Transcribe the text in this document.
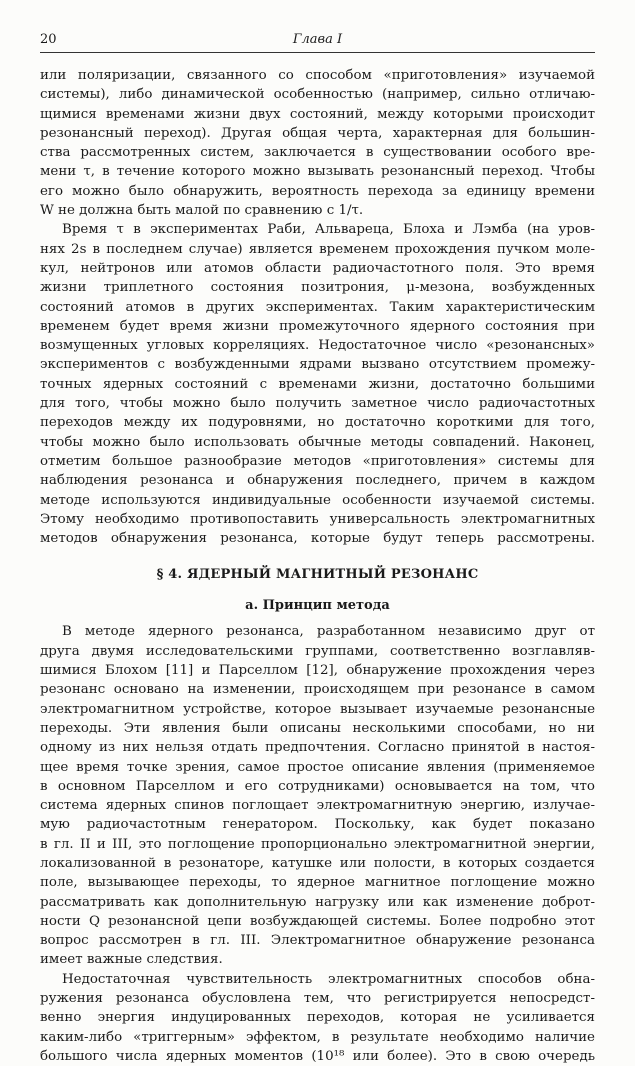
20	Глава I
или поляризации, связанного со способом «приготовления» изучаемой
системы), либо динамической особенностью (например, сильно отличаю-
щимися временами жизни двух состояний, между которыми происходит
резонансный переход). Другая общая черта, характерная для большин-
ства рассмотренных систем, заключается в существовании особого вре-
мени τ, в течение которого можно вызывать резонансный переход. Чтобы
его можно было обнаружить, вероятность перехода за единицу времени
W не должна быть малой по сравнению с 1/τ.
Время τ в экспериментах Раби, Альвареца, Блоха и Лэмба (на уров-
нях 2s в последнем случае) является временем прохождения пучком моле-
кул, нейтронов или атомов области радиочастотного поля. Это время
жизни триплетного состояния позитрония, μ-мезона, возбужденных
состояний атомов в других экспериментах. Таким характеристическим
временем будет время жизни промежуточного ядерного состояния при
возмущенных угловых корреляциях. Недостаточное число «резонансных»
экспериментов с возбужденными ядрами вызвано отсутствием промежу-
точных ядерных состояний с временами жизни, достаточно большими
для того, чтобы можно было получить заметное число радиочастотных
переходов между их подуровнями, но достаточно короткими для того,
чтобы можно было использовать обычные методы совпадений. Наконец,
отметим большое разнообразие методов «приготовления» системы для
наблюдения резонанса и обнаружения последнего, причем в каждом
методе используются индивидуальные особенности изучаемой системы.
Этому необходимо противопоставить универсальность электромагнитных
методов обнаружения резонанса, которые будут теперь рассмотрены.
§ 4. ЯДЕРНЫЙ МАГНИТНЫЙ РЕЗОНАНС
а. Принцип метода
В методе ядерного резонанса, разработанном независимо друг от
друга двумя исследовательскими группами, соответственно возглавляв-
шимися Блохом [11] и Парселлом [12], обнаружение прохождения через
резонанс основано на изменении, происходящем при резонансе в самом
электромагнитном устройстве, которое вызывает изучаемые резонансные
переходы. Эти явления были описаны несколькими способами, но ни
одному из них нельзя отдать предпочтения. Согласно принятой в настоя-
щее время точке зрения, самое простое описание явления (применяемое
в основном Парселлом и его сотрудниками) основывается на том, что
система ядерных спинов поглощает электромагнитную энергию, излучае-
мую радиочастотным генератором. Поскольку, как будет показано
в гл. II и III, это поглощение пропорционально электромагнитной энергии,
локализованной в резонаторе, катушке или полости, в которых создается
поле, вызывающее переходы, то ядерное магнитное поглощение можно
рассматривать как дополнительную нагрузку или как изменение добрoт-
ности Q резонансной цепи возбуждающей системы. Более подробно этот
вопрос рассмотрен в гл. III. Электромагнитное обнаружение резонанса
имеет важные следствия.
Недостаточная чувствительность электромагнитных способов обна-
ружения резонанса обусловлена тем, что регистрируется непосредст-
венно энергия индуцированных переходов, которая не усиливается
каким-либо «триггерным» эффектом, в результате необходимо наличие
большого числа ядерных моментов (10¹⁸ или более). Это в свою очередь
